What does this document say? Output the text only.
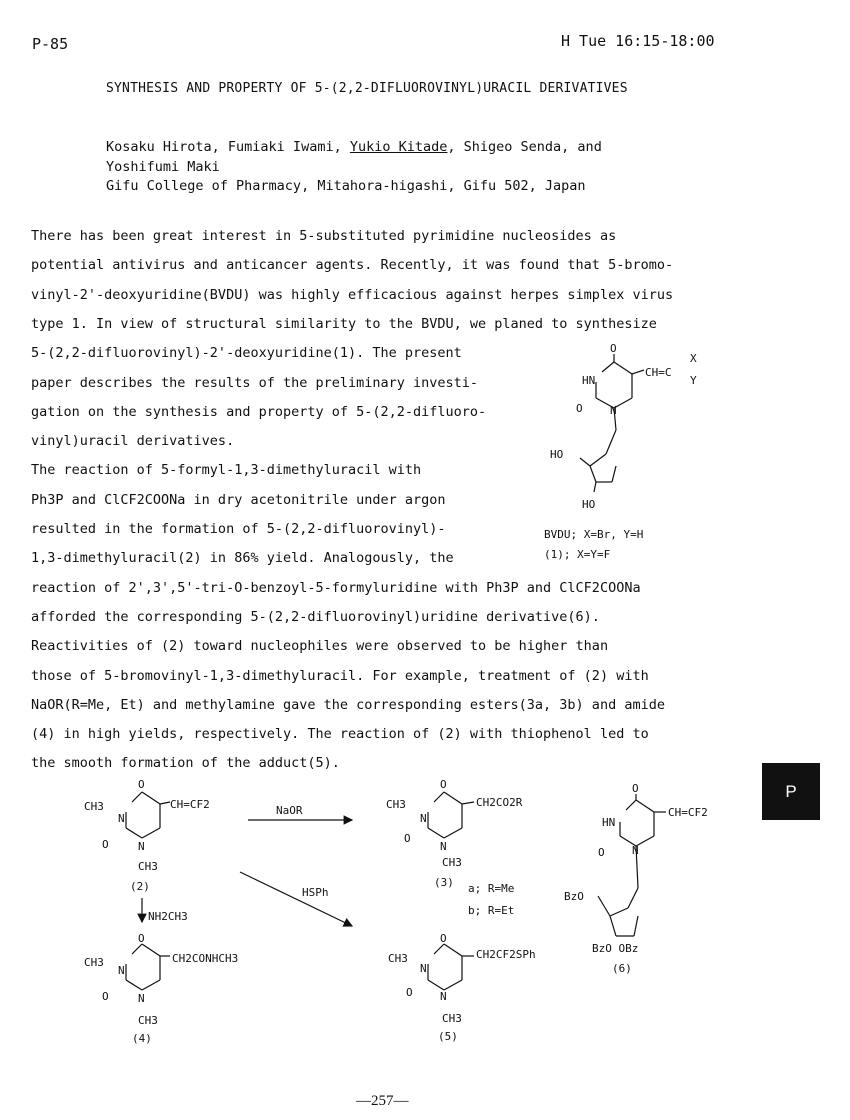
P-85	H Tue 16:15-18:00
SYNTHESIS AND PROPERTY OF 5-(2,2-DIFLUOROVINYL)URACIL DERIVATIVES
Kosaku Hirota, Fumiaki Iwami, Yukio Kitade, Shigeo Senda, and
Yoshifumi Maki
Gifu College of Pharmacy, Mitahora-higashi, Gifu 502, Japan
There has been great interest in 5-substituted pyrimidine nucleosides as
potential antivirus and anticancer agents. Recently, it was found that 5-bromo-
vinyl-2'-deoxyuridine(BVDU) was highly efficacious against herpes simplex virus
type 1. In view of structural similarity to the BVDU, we planed to synthesize
5-(2,2-difluorovinyl)-2'-deoxyuridine(1). The present
paper describes the results of the preliminary investi-
gation on the synthesis and property of 5-(2,2-difluoro-
vinyl)uracil derivatives.
The reaction of 5-formyl-1,3-dimethyluracil with
Ph3P and ClCF2COONa in dry acetonitrile under argon
resulted in the formation of 5-(2,2-difluorovinyl)-
1,3-dimethyluracil(2) in 86% yield. Analogously, the
reaction of 2',3',5'-tri-O-benzoyl-5-formyluridine with Ph3P and ClCF2COONa
afforded the corresponding 5-(2,2-difluorovinyl)uridine derivative(6).
Reactivities of (2) toward nucleophiles were observed to be higher than
those of 5-bromovinyl-1,3-dimethyluracil. For example, treatment of (2) with
NaOR(R=Me, Et) and methylamine gave the corresponding esters(3a, 3b) and amide
(4) in high yields, respectively. The reaction of (2) with thiophenol led to
the smooth formation of the adduct(5).
O
HN
O N
CH=C
X
Y
HO
HO
BVDU; X=Br, Y=H
(1); X=Y=F
P
O
CH3
N
O	N
CH3
CH=CF2
(2)
NaOR
HSPh
NH2CH3
O
CH3
N
O
N
CH3
CH2CO2R
(3) a; R=Me
b; R=Et
O
CH3
N
O	N
CH3
CH2CONHCH3
(4)
O
CH3
N
O N
CH3
CH2CF2SPh
(5)
O
HN
O N
CH=CF2
BzO
BzO OBz
(6)
—257—
